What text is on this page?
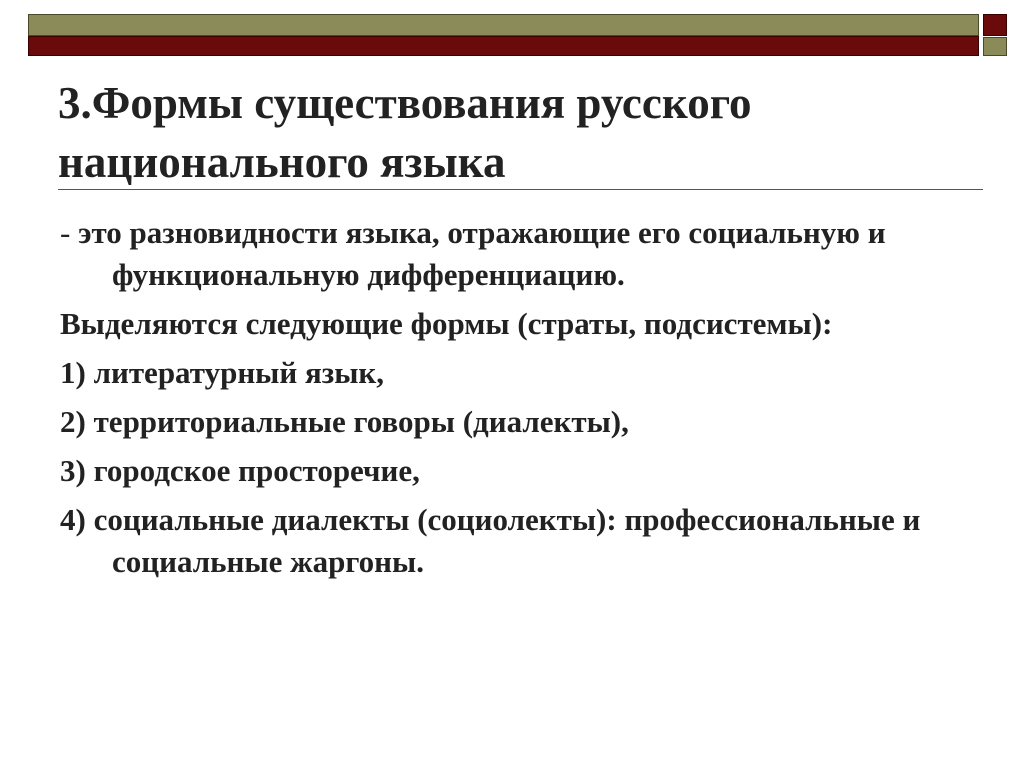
3.Формы существования русского национального языка

- это разновидности языка, отражающие его социальную и функциональную дифференциацию.

Выделяются следующие формы (страты, подсистемы):

1) литературный язык,

2) территориальные говоры (диалекты),

3) городское просторечие,

4) социальные диалекты (социолекты): профессиональные и социальные жаргоны.
